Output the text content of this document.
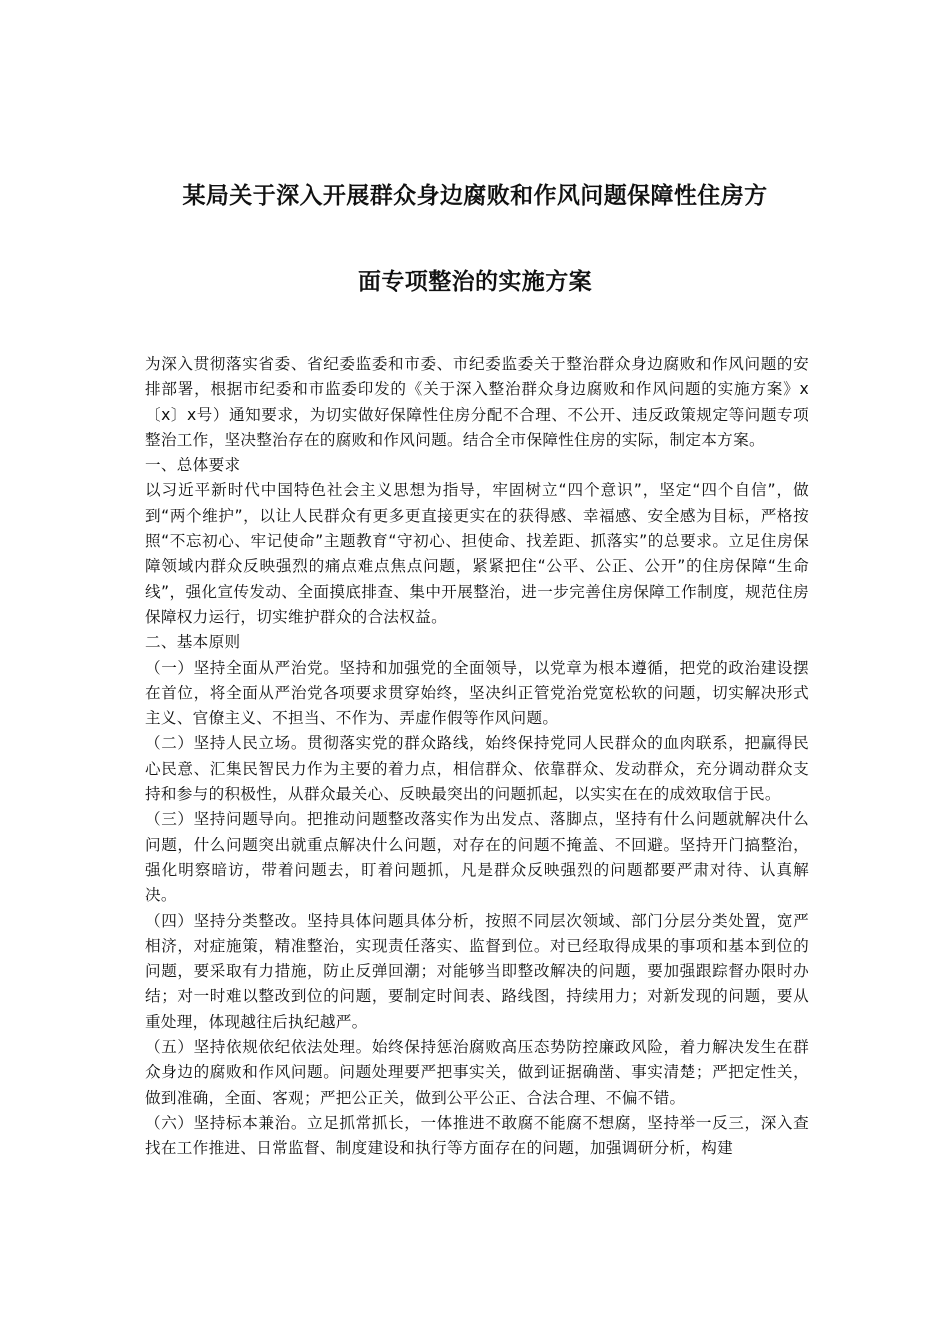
某局关于深入开展群众身边腐败和作风问题保障性住房方
面专项整治的实施方案

为深入贯彻落实省委、省纪委监委和市委、市纪委监委关于整治群众身边腐败和作风问题的安排部署，根据市纪委和市监委印发的《关于深入整治群众身边腐败和作风问题的实施方案》x〔x〕x号）通知要求，为切实做好保障性住房分配不合理、不公开、违反政策规定等问题专项整治工作，坚决整治存在的腐败和作风问题。结合全市保障性住房的实际，制定本方案。

一、总体要求

以习近平新时代中国特色社会主义思想为指导，牢固树立“四个意识”，坚定“四个自信”，做到“两个维护”，以让人民群众有更多更直接更实在的获得感、幸福感、安全感为目标，严格按照“不忘初心、牢记使命”主题教育“守初心、担使命、找差距、抓落实”的总要求。立足住房保障领域内群众反映强烈的痛点难点焦点问题，紧紧把住“公平、公正、公开”的住房保障“生命线”，强化宣传发动、全面摸底排查、集中开展整治，进一步完善住房保障工作制度，规范住房保障权力运行，切实维护群众的合法权益。

二、基本原则

（一）坚持全面从严治党。坚持和加强党的全面领导，以党章为根本遵循，把党的政治建设摆在首位，将全面从严治党各项要求贯穿始终，坚决纠正管党治党宽松软的问题，切实解决形式主义、官僚主义、不担当、不作为、弄虚作假等作风问题。

（二）坚持人民立场。贯彻落实党的群众路线，始终保持党同人民群众的血肉联系，把赢得民心民意、汇集民智民力作为主要的着力点，相信群众、依靠群众、发动群众，充分调动群众支持和参与的积极性，从群众最关心、反映最突出的问题抓起，以实实在在的成效取信于民。

（三）坚持问题导向。把推动问题整改落实作为出发点、落脚点，坚持有什么问题就解决什么问题，什么问题突出就重点解决什么问题，对存在的问题不掩盖、不回避。坚持开门搞整治，强化明察暗访，带着问题去，盯着问题抓，凡是群众反映强烈的问题都要严肃对待、认真解决。

（四）坚持分类整改。坚持具体问题具体分析，按照不同层次领域、部门分层分类处置，宽严相济，对症施策，精准整治，实现责任落实、监督到位。对已经取得成果的事项和基本到位的问题，要采取有力措施，防止反弹回潮；对能够当即整改解决的问题，要加强跟踪督办限时办结；对一时难以整改到位的问题，要制定时间表、路线图，持续用力；对新发现的问题，要从重处理，体现越往后执纪越严。

（五）坚持依规依纪依法处理。始终保持惩治腐败高压态势防控廉政风险，着力解决发生在群众身边的腐败和作风问题。问题处理要严把事实关，做到证据确凿、事实清楚；严把定性关，做到准确，全面、客观；严把公正关，做到公平公正、合法合理、不偏不错。

（六）坚持标本兼治。立足抓常抓长，一体推进不敢腐不能腐不想腐，坚持举一反三，深入查找在工作推进、日常监督、制度建设和执行等方面存在的问题，加强调研分析，构建
